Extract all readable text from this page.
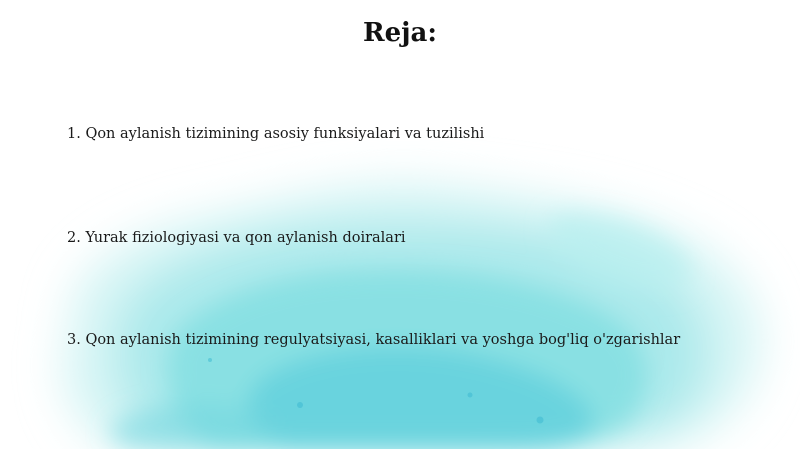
Reja:
1. Qon aylanish tizimining asosiy funksiyalari va tuzilishi
2. Yurak fiziologiyasi va qon aylanish doiralari
3. Qon aylanish tizimining regulyatsiyasi, kasalliklari va yoshga bog'liq o'zgarishlar
